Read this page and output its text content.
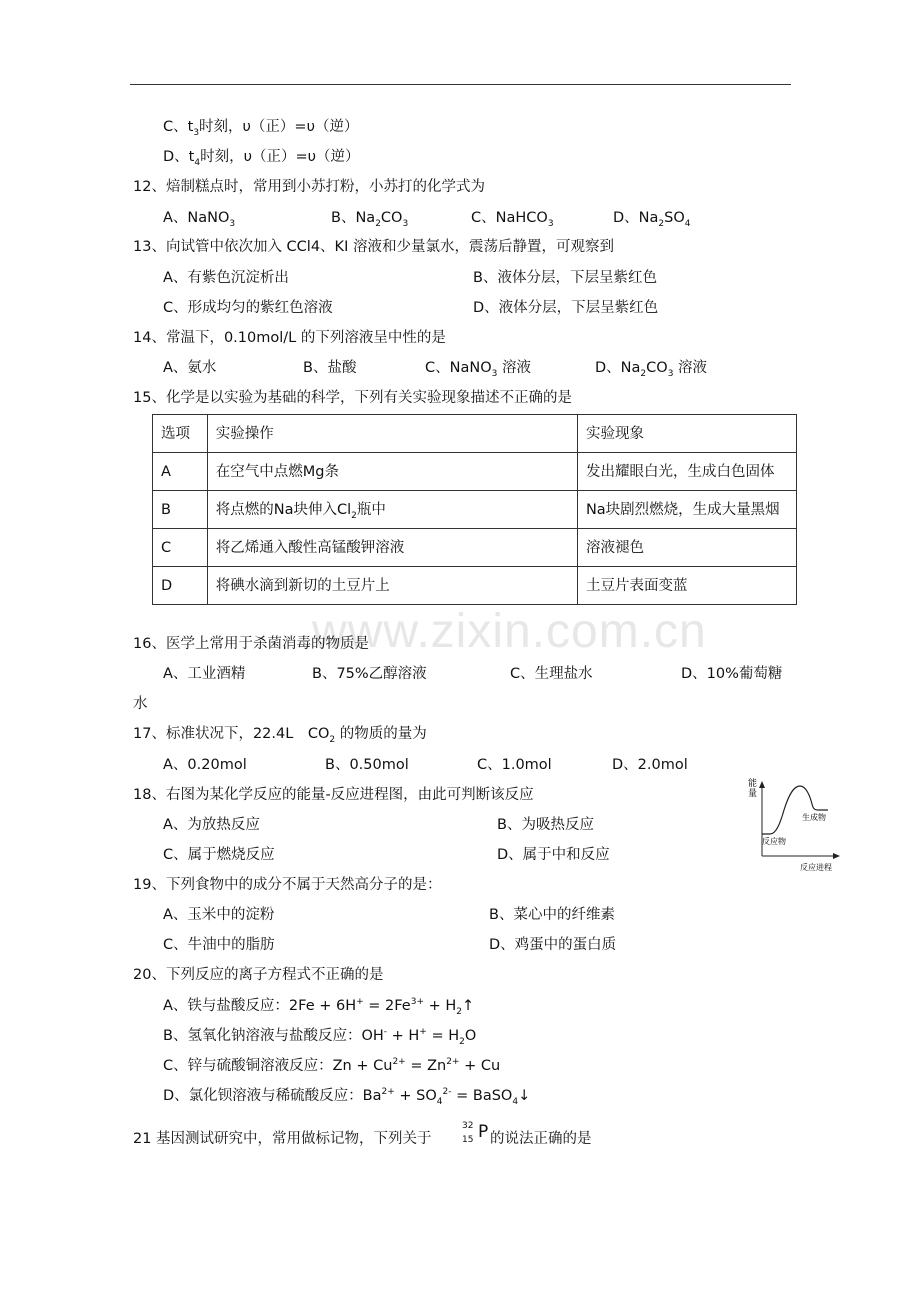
C、$t_3$时刻，υ（正）=υ（逆）
D、$t_4$时刻，υ（正）=υ（逆）
12、焙制糕点时，常用到小苏打粉，小苏打的化学式为
A、NaNO$_3$	B、$Na_2CO_3$	C、NaHCO$_3$	D、$Na_2SO_4$
13、向试管中依次加入 CCl4、KI 溶液和少量氯水，震荡后静置，可观察到
A、有紫色沉淀析出	B、液体分层，下层呈紫红色
C、形成均匀的紫红色溶液	D、液体分层，下层呈紫红色
14、常温下，0.10mol/L 的下列溶液呈中性的是
A、氨水	B、盐酸	C、NaNO$_3$ 溶液	D、$Na_2CO_3$ 溶液
15、化学是以实验为基础的科学，下列有关实验现象描述不正确的是
选项	实验操作	实验现象
A	在空气中点燃Mg条	发出耀眼白光，生成白色固体
B	将点燃的Na块伸入$Cl_2$瓶中	Na块剧烈燃烧，生成大量黑烟
C	将乙烯通入酸性高锰酸钾溶液	溶液褪色
D	将碘水滴到新切的土豆片上	土豆片表面变蓝
www.zixin.com.cn
16、医学上常用于杀菌消毒的物质是
A、工业酒精	B、75%乙醇溶液	C、生理盐水	D、10%葡萄糖
水
17、标准状况下，22.4L　$CO_2$ 的物质的量为
A、0.20mol	B、0.50mol	C、1.0mol	D、2.0mol
18、右图为某化学反应的能量-反应进程图，由此可判断该反应
A、为放热反应	B、为吸热反应
C、属于燃烧反应	D、属于中和反应
能
量
生成物
反应物
反应进程
19、下列食物中的成分不属于天然高分子的是：
A、玉米中的淀粉	B、菜心中的纤维素
C、牛油中的脂肪	D、鸡蛋中的蛋白质
20、下列反应的离子方程式不正确的是
A、铁与盐酸反应：$2Fe + 6H^+ = 2Fe^{3+}$ + $H_2↑$
B、氢氧化钠溶液与盐酸反应：$OH^- + H^+ = H_2O$
C、锌与硫酸铜溶液反应：$Zn + Cu^{2+} = Zn^{2+} + Cu$
D、氯化钡溶液与稀硫酸反应：$Ba^{2+} + SO_4^{2-}$ = BaSO$_4$↓
21 基因测试研究中，常用做标记物，下列关于
32
15 P 的说法正确的是
